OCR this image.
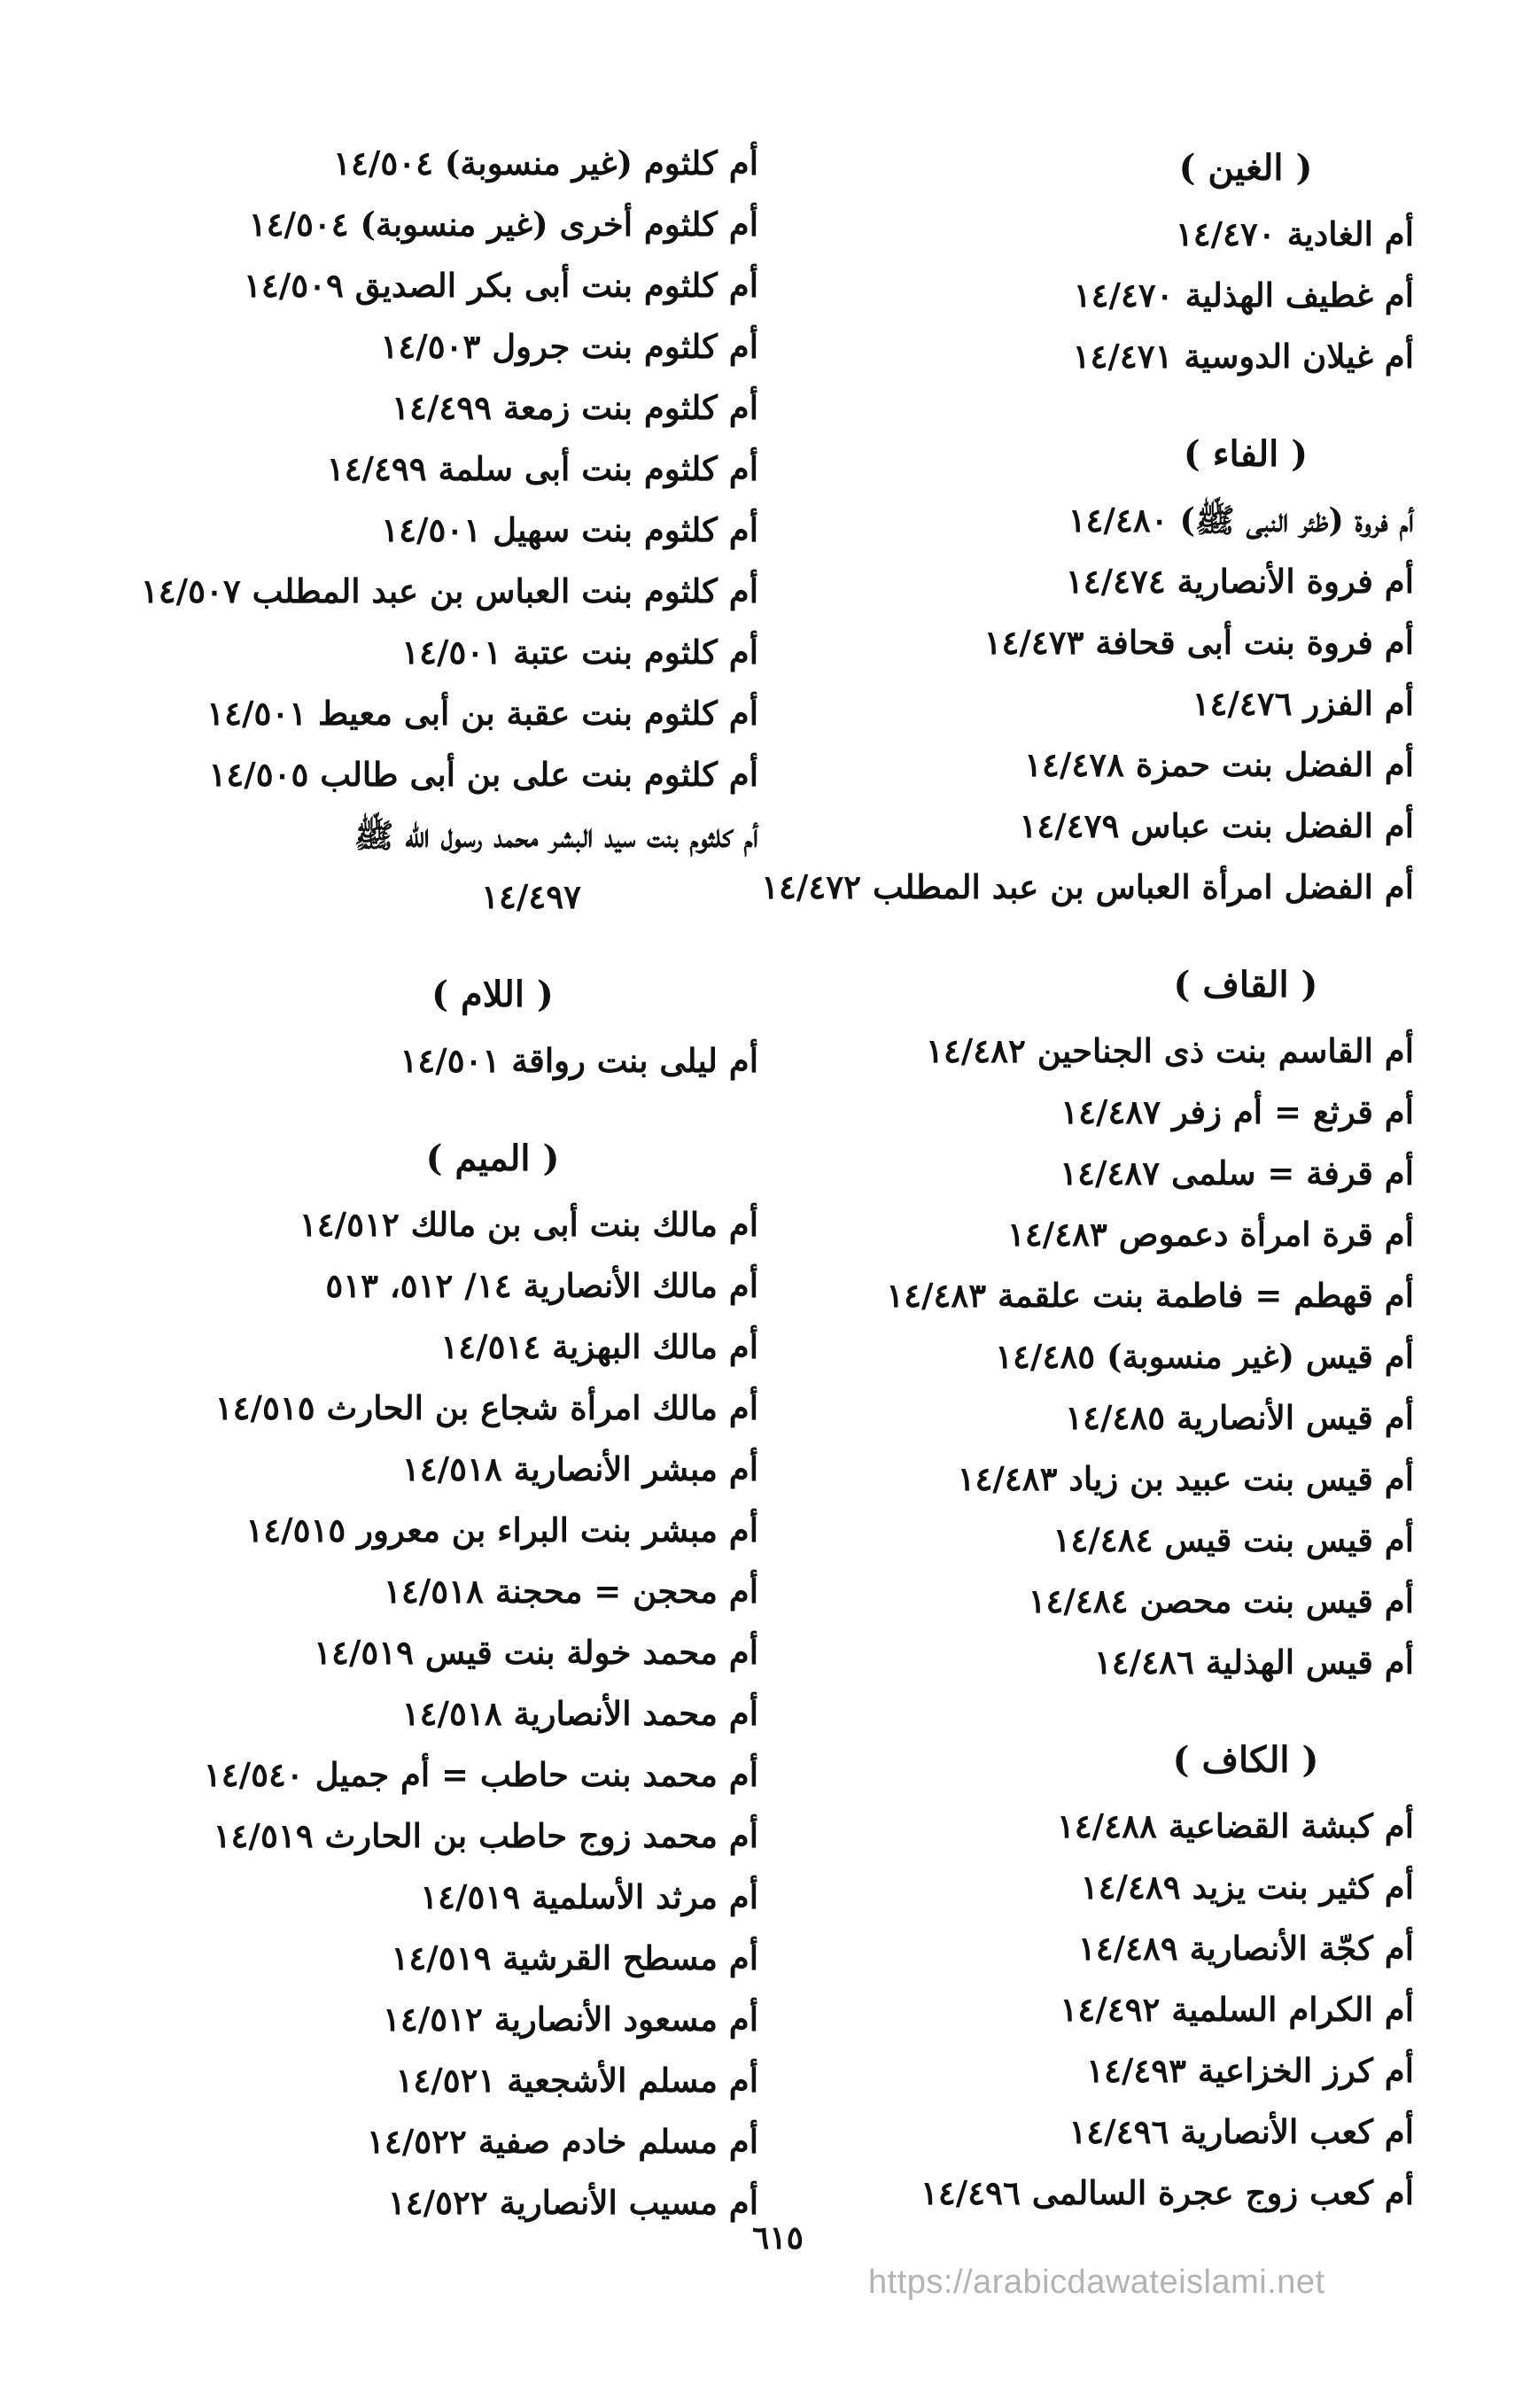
( الغين )
أم الغادية ١٤/٤٧٠
أم غطيف الهذلية ١٤/٤٧٠
أم غيلان الدوسية ١٤/٤٧١
( الفاء )
أم فروة (ظئر النبى ﷺ) ١٤/٤٨٠
أم فروة الأنصارية ١٤/٤٧٤
أم فروة بنت أبى قحافة ١٤/٤٧٣
أم الفزر ١٤/٤٧٦
أم الفضل بنت حمزة ١٤/٤٧٨
أم الفضل بنت عباس ١٤/٤٧٩
أم الفضل امرأة العباس بن عبد المطلب ١٤/٤٧٢
( القاف )
أم القاسم بنت ذى الجناحين ١٤/٤٨٢
أم قرثع = أم زفر ١٤/٤٨٧
أم قرفة = سلمى ١٤/٤٨٧
أم قرة امرأة دعموص ١٤/٤٨٣
أم قهطم = فاطمة بنت علقمة ١٤/٤٨٣
أم قيس (غير منسوبة) ١٤/٤٨٥
أم قيس الأنصارية ١٤/٤٨٥
أم قيس بنت عبيد بن زياد ١٤/٤٨٣
أم قيس بنت قيس ١٤/٤٨٤
أم قيس بنت محصن ١٤/٤٨٤
أم قيس الهذلية ١٤/٤٨٦
( الكاف )
أم كبشة القضاعية ١٤/٤٨٨
أم كثير بنت يزيد ١٤/٤٨٩
أم كجّة الأنصارية ١٤/٤٨٩
أم الكرام السلمية ١٤/٤٩٢
أم كرز الخزاعية ١٤/٤٩٣
أم كعب الأنصارية ١٤/٤٩٦
أم كعب زوج عجرة السالمى ١٤/٤٩٦
أم كلثوم (غير منسوبة) ١٤/٥٠٤
أم كلثوم أخرى (غير منسوبة) ١٤/٥٠٤
أم كلثوم بنت أبى بكر الصديق ١٤/٥٠٩
أم كلثوم بنت جرول ١٤/٥٠٣
أم كلثوم بنت زمعة ١٤/٤٩٩
أم كلثوم بنت أبى سلمة ١٤/٤٩٩
أم كلثوم بنت سهيل ١٤/٥٠١
أم كلثوم بنت العباس بن عبد المطلب ١٤/٥٠٧
أم كلثوم بنت عتبة ١٤/٥٠١
أم كلثوم بنت عقبة بن أبى معيط ١٤/٥٠١
أم كلثوم بنت على بن أبى طالب ١٤/٥٠٥
أم كلثوم بنت سيد البشر محمد رسول الله ﷺ
١٤/٤٩٧
( اللام )
أم ليلى بنت رواقة ١٤/٥٠١
( الميم )
أم مالك بنت أبى بن مالك ١٤/٥١٢
أم مالك الأنصارية ١٤/ ٥١٢، ٥١٣
أم مالك البهزية ١٤/٥١٤
أم مالك امرأة شجاع بن الحارث ١٤/٥١٥
أم مبشر الأنصارية ١٤/٥١٨
أم مبشر بنت البراء بن معرور ١٤/٥١٥
أم محجن = محجنة ١٤/٥١٨
أم محمد خولة بنت قيس ١٤/٥١٩
أم محمد الأنصارية ١٤/٥١٨
أم محمد بنت حاطب = أم جميل ١٤/٥٤٠
أم محمد زوج حاطب بن الحارث ١٤/٥١٩
أم مرثد الأسلمية ١٤/٥١٩
أم مسطح القرشية ١٤/٥١٩
أم مسعود الأنصارية ١٤/٥١٢
أم مسلم الأشجعية ١٤/٥٢١
أم مسلم خادم صفية ١٤/٥٢٢
أم مسيب الأنصارية ١٤/٥٢٢
٦١٥
https://arabicdawateislami.net
